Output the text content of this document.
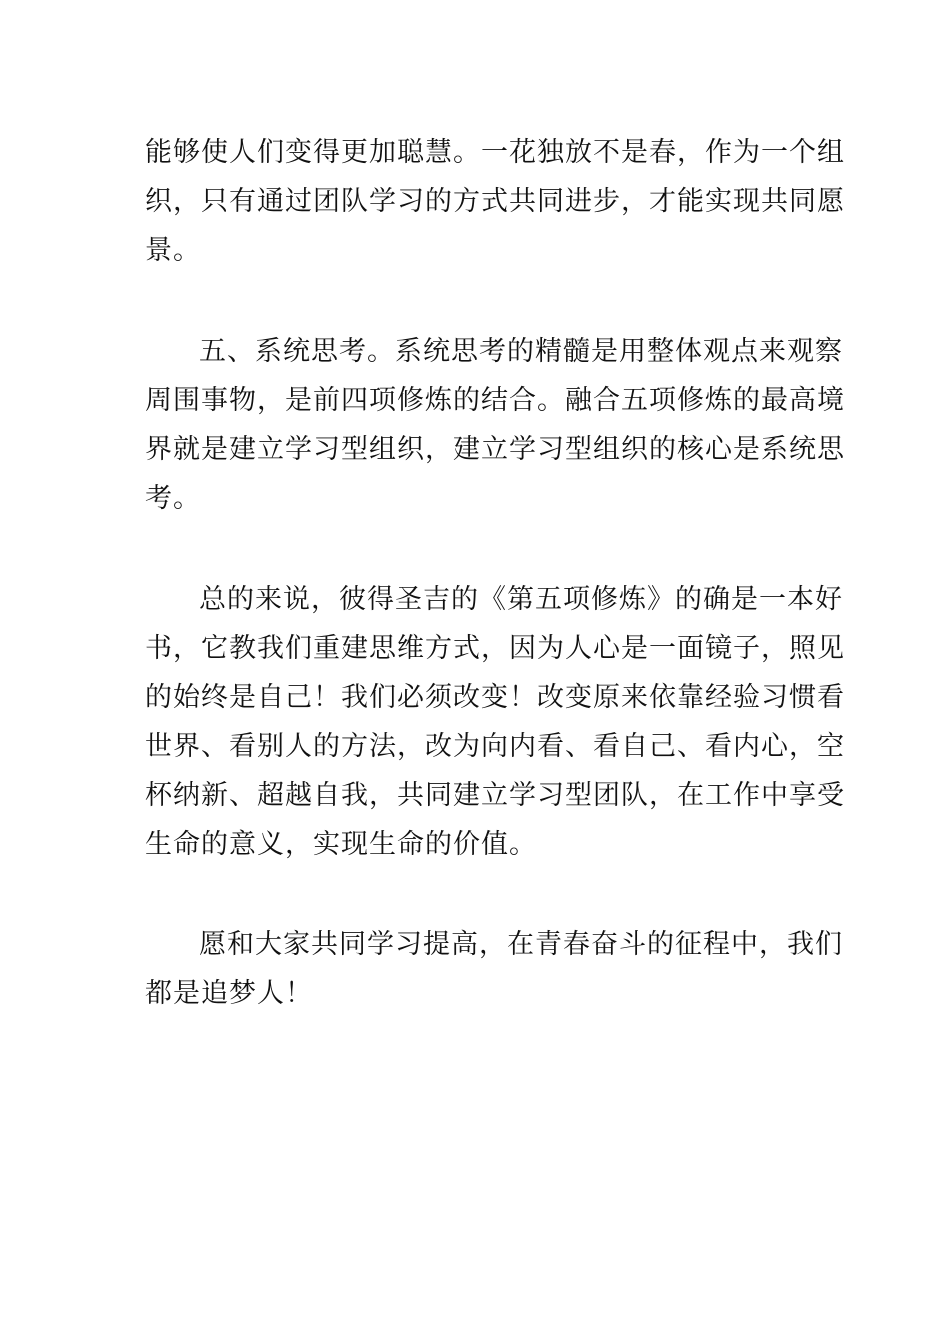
能够使人们变得更加聪慧。一花独放不是春，作为一个组
织，只有通过团队学习的方式共同进步，才能实现共同愿
景。
五、系统思考。系统思考的精髓是用整体观点来观察
周围事物，是前四项修炼的结合。融合五项修炼的最高境
界就是建立学习型组织，建立学习型组织的核心是系统思
考。
总的来说，彼得圣吉的《第五项修炼》的确是一本好
书，它教我们重建思维方式，因为人心是一面镜子，照见
的始终是自己！我们必须改变！改变原来依靠经验习惯看
世界、看别人的方法，改为向内看、看自己、看内心，空
杯纳新、超越自我，共同建立学习型团队，在工作中享受
生命的意义，实现生命的价值。
愿和大家共同学习提高，在青春奋斗的征程中，我们
都是追梦人！
